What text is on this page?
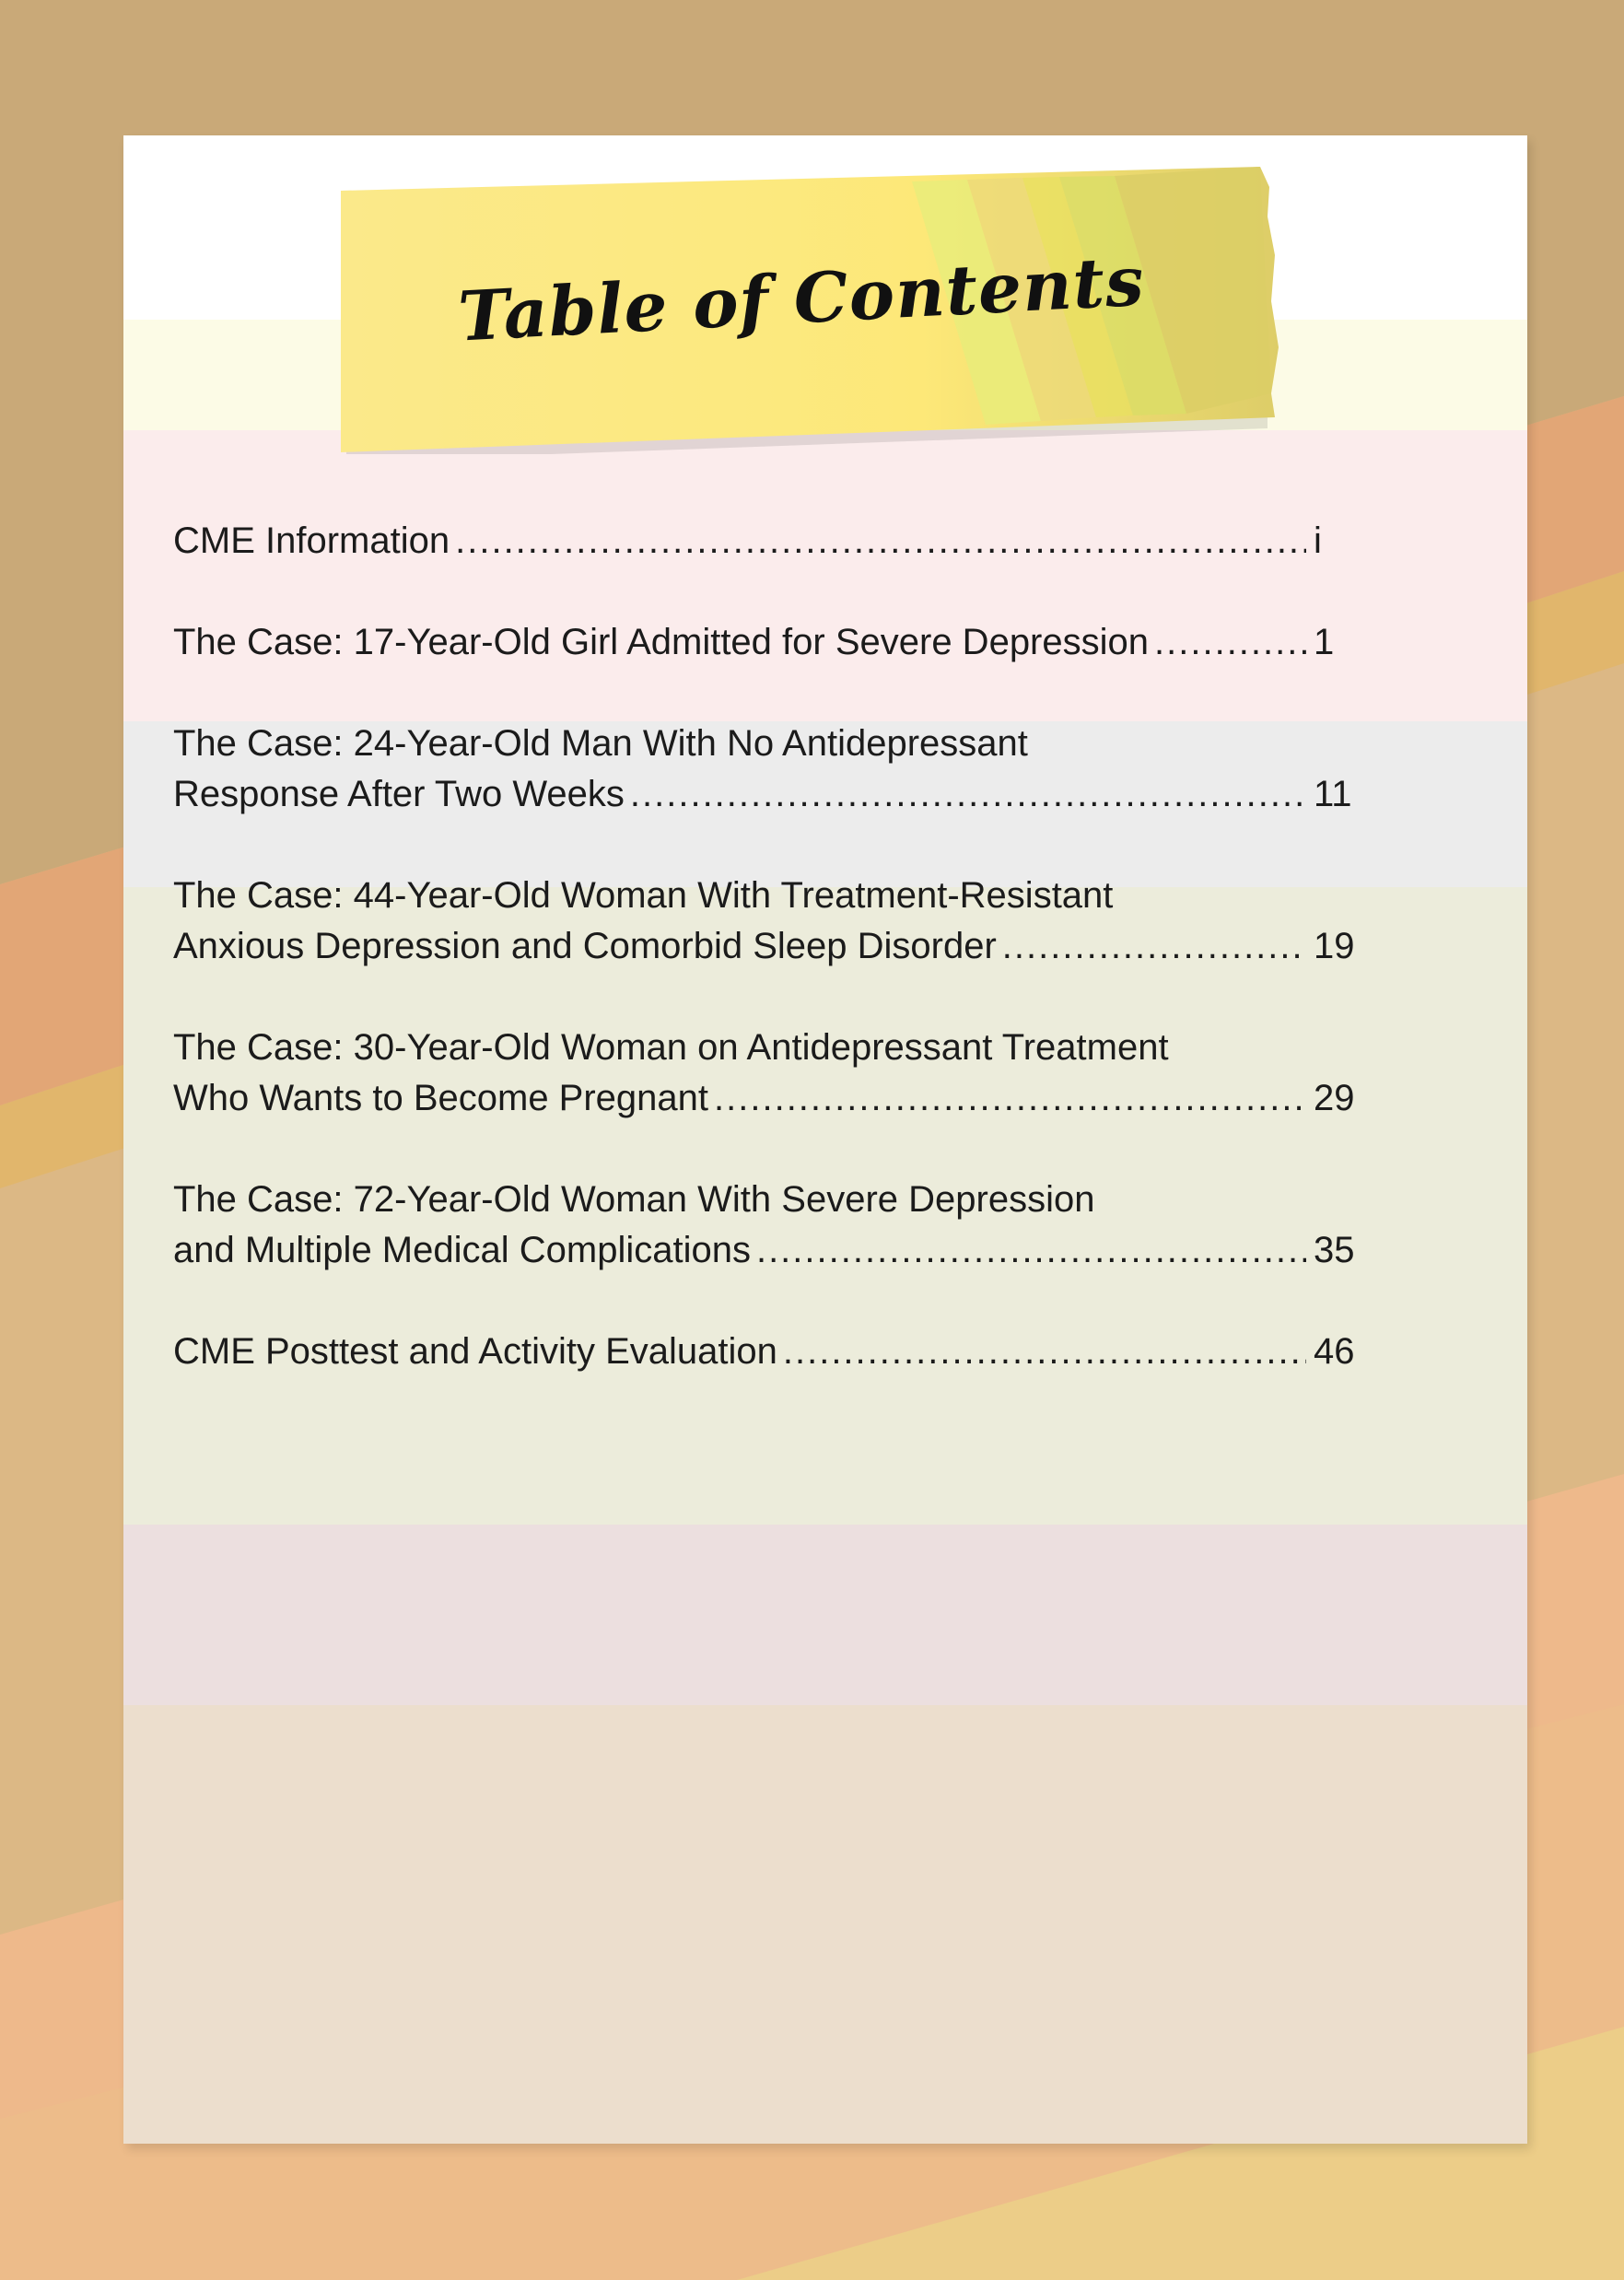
Table of Contents
CME Information .....	i
The Case: 17-Year-Old Girl Admitted for Severe Depression .....	1
The Case: 24-Year-Old Man With No Antidepressant
Response After Two Weeks .....	11
The Case: 44-Year-Old Woman With Treatment-Resistant
Anxious Depression and Comorbid Sleep Disorder .....	19
The Case: 30-Year-Old Woman on Antidepressant Treatment
Who Wants to Become Pregnant .....	29
The Case: 72-Year-Old Woman With Severe Depression
and Multiple Medical Complications .....	35
CME Posttest and Activity Evaluation .....	46
